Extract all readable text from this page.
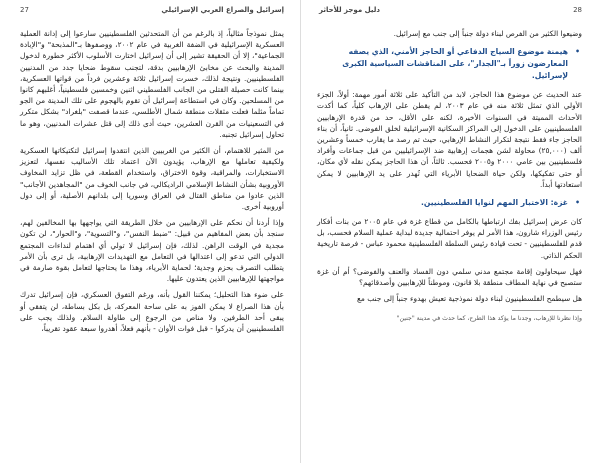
27	إسرائيل والصراع العربي الإسرائيلي

يمثل نموذجاً مثالياً، إذ بالرغم من أن المتحدثين الفلسطينيين سارعوا إلى إدانة العملية العسكرية الإسرائيلية في الضفة الغربية في عام ٢٠٠٢، ووصفوها بـ"المذبحة" و"الإبادة الجماعية"، إلا أن الحقيقة تشير إلى أن إسرائيل اختارت الأسلوب الأكثر خطورة لدخول المدينة والبحث عن مخابئ الإرهابيين بدقة، لتجنب سقوط ضحايا جدد من المدنيين الفلسطينيين. ونتيجة لذلك، خسرت إسرائيل ثلاثة وعشرين فرداً من قواتها العسكرية، بينما كانت حصيلة القتلى من الجانب الفلسطيني اثنين وخمسين فلسطينياً، أغلبهم كانوا من المسلحين. وكان في استطاعة إسرائيل أن تقوم بالهجوم على تلك المدينة من الجو تماماً مثلما فعلت مثقلات منطقة شمال الأطلسي، عندما قصفت "بلغراد" بشكل متكرر في التسعينيات من القرن العشرين، حيث أدى ذلك إلى قتل عشرات المدنيين، وهو ما تحاول إسرائيل تجنبه.

من المثير للاهتمام، أن الكثير من الغربيين الذين انتقدوا إسرائيل لتكتيكاتها العسكرية ولكيفية تعاملها مع الإرهاب، يؤيدون الآن اعتماد تلك الأساليب نفسها، لتعزيز الاستخبارات، والمراقبة، وقوة الاختراق، واستخدام القطعة، في ظل تزايد المخاوف الأوروبية بشأن النشاط الإسلامي الراديكالي، في جانب الخوف من "المجاهدين الأجانب" الذين عادوا من مناطق القتال في العراق وسوريا إلى بلدانهم الأصلية، أو إلى دول أوروبية أخرى.

وإذا أردنا أن نحكم على الإرهابيين من خلال الطريقة التي يواجهها بها المخالفين لهم، سنجد بأن بعض المفاهيم من قبيل: "ضبط النفس"، و"التسوية"، و"الحوار"، لن تكون مجدية في الوقت الراهن. لذلك، فإن إسرائيل لا تولي أي اهتمام لنداءات المجتمع الدولي التي تدعو إلى اعتدالها في التعامل مع التهديدات الإرهابية، بل ترى بأن الأمر يتطلب التصرف بحزم وجدية؛ لحماية الأبرياء، وهذا ما يحتاجها لتعامل بقوة صارمة في مواجهتها للإرهابيين الذين يعتدون عليها.

على ضوء هذا التحليل؛ يمكننا القول بأنه، ورغم التفوق العسكري، فإن إسرائيل تدرك بأن هذا الصراع لا يمكن الفوز به على ساحة المعركة، بل بكل بساطة، لن يتفقي أو يبقى أحد الطرفين. ولا مناص من الرجوع إلى طاولة السلام. ولذلك يجب على الفلسطينيين أن يدركوا - قبل فوات الأوان - بأنهم فعلاً، أهدروا سبعة عقود تقريباً،

28
دليل موجز للأحاثر

وضيعوا الكثير من الفرص لبناء دولة جنباً إلى جنب مع إسرائيل.

•
هيمنة موضوع السياج الدفاعي أو الحاجز الأمني، الذي يصفه المعارضون زوراً بـ"الجدار"، على المناقشات السياسية الكبرى لإسرائيل.

عند الحديث عن موضوع هذا الحاجز، لابد من التأكيد على ثلاثة أمور مهمة: أولاً، الجزء الأولي الذي تمثل ثلاثة منه في عام ٢٠٠٣، لم يقطن على الإرهاب كلياً، كما أكدت الأحداث المميتة في السنوات الأخيرة، لكنه على الأقل، حد من قدرة الإرهابيين الفلسطينيين على الدخول إلى المراكز السكانية الإسرائيلية لخلق الفوضى. ثانياً، أن بناء الحاجز جاء فقط نتيجة لتكرار النشاط الإرهابي، حيث تم رصد ما يقارب خمساً وعشرين ألف (٢٥,٠٠٠) محاولة لشن هجمات إرهابية ضد الإسرائيليين من قبل جماعات وأفراد فلسطينيين بين عامي ٢٠٠٠ و٢٠٠٥ فحسب. ثالثاً، أن هذا الحاجز يمكن نقله لأي مكان، أو حتى تفكيكها، ولكن حياة الضحايا الأبرياء التي تُهدر على يد الإرهابيين لا يمكن استعادتها أبداً.

•
غزة: الاختبار المهم لنوايا الفلسطينيين.

كان عرض إسرائيل بفك ارتباطها بالكامل من قطاع غزة في عام ٢٠٠٥ من بنات أفكار رئيس الوزراء شارون، هذا الأمر لم يوفر احتمالية جديدة لبداية عملية السلام فحسب، بل قدم للفلسطينيين - تحت قيادة رئيس السلطة الفلسطينية محمود عباس - فرصة تاريخية الحكم الذاتي.

فهل سيحاولون إقامة مجتمع مدني سلمي دون الفساد والعنف والفوضى؟ أم أن غزة ستصبح في نهاية المطاف منطقة بلا قانون، وموطناً للإرهابيين وأصدقائهم؟

هل سيطمح الفلسطينيون لبناء دولة نموذجية تعيش بهدوء جنباً إلى جنب مع

وإذا نظرنا للإرهاب، وجدنا ما يؤكد هذا الطرح، كما حدث في مدينة "جنين"
